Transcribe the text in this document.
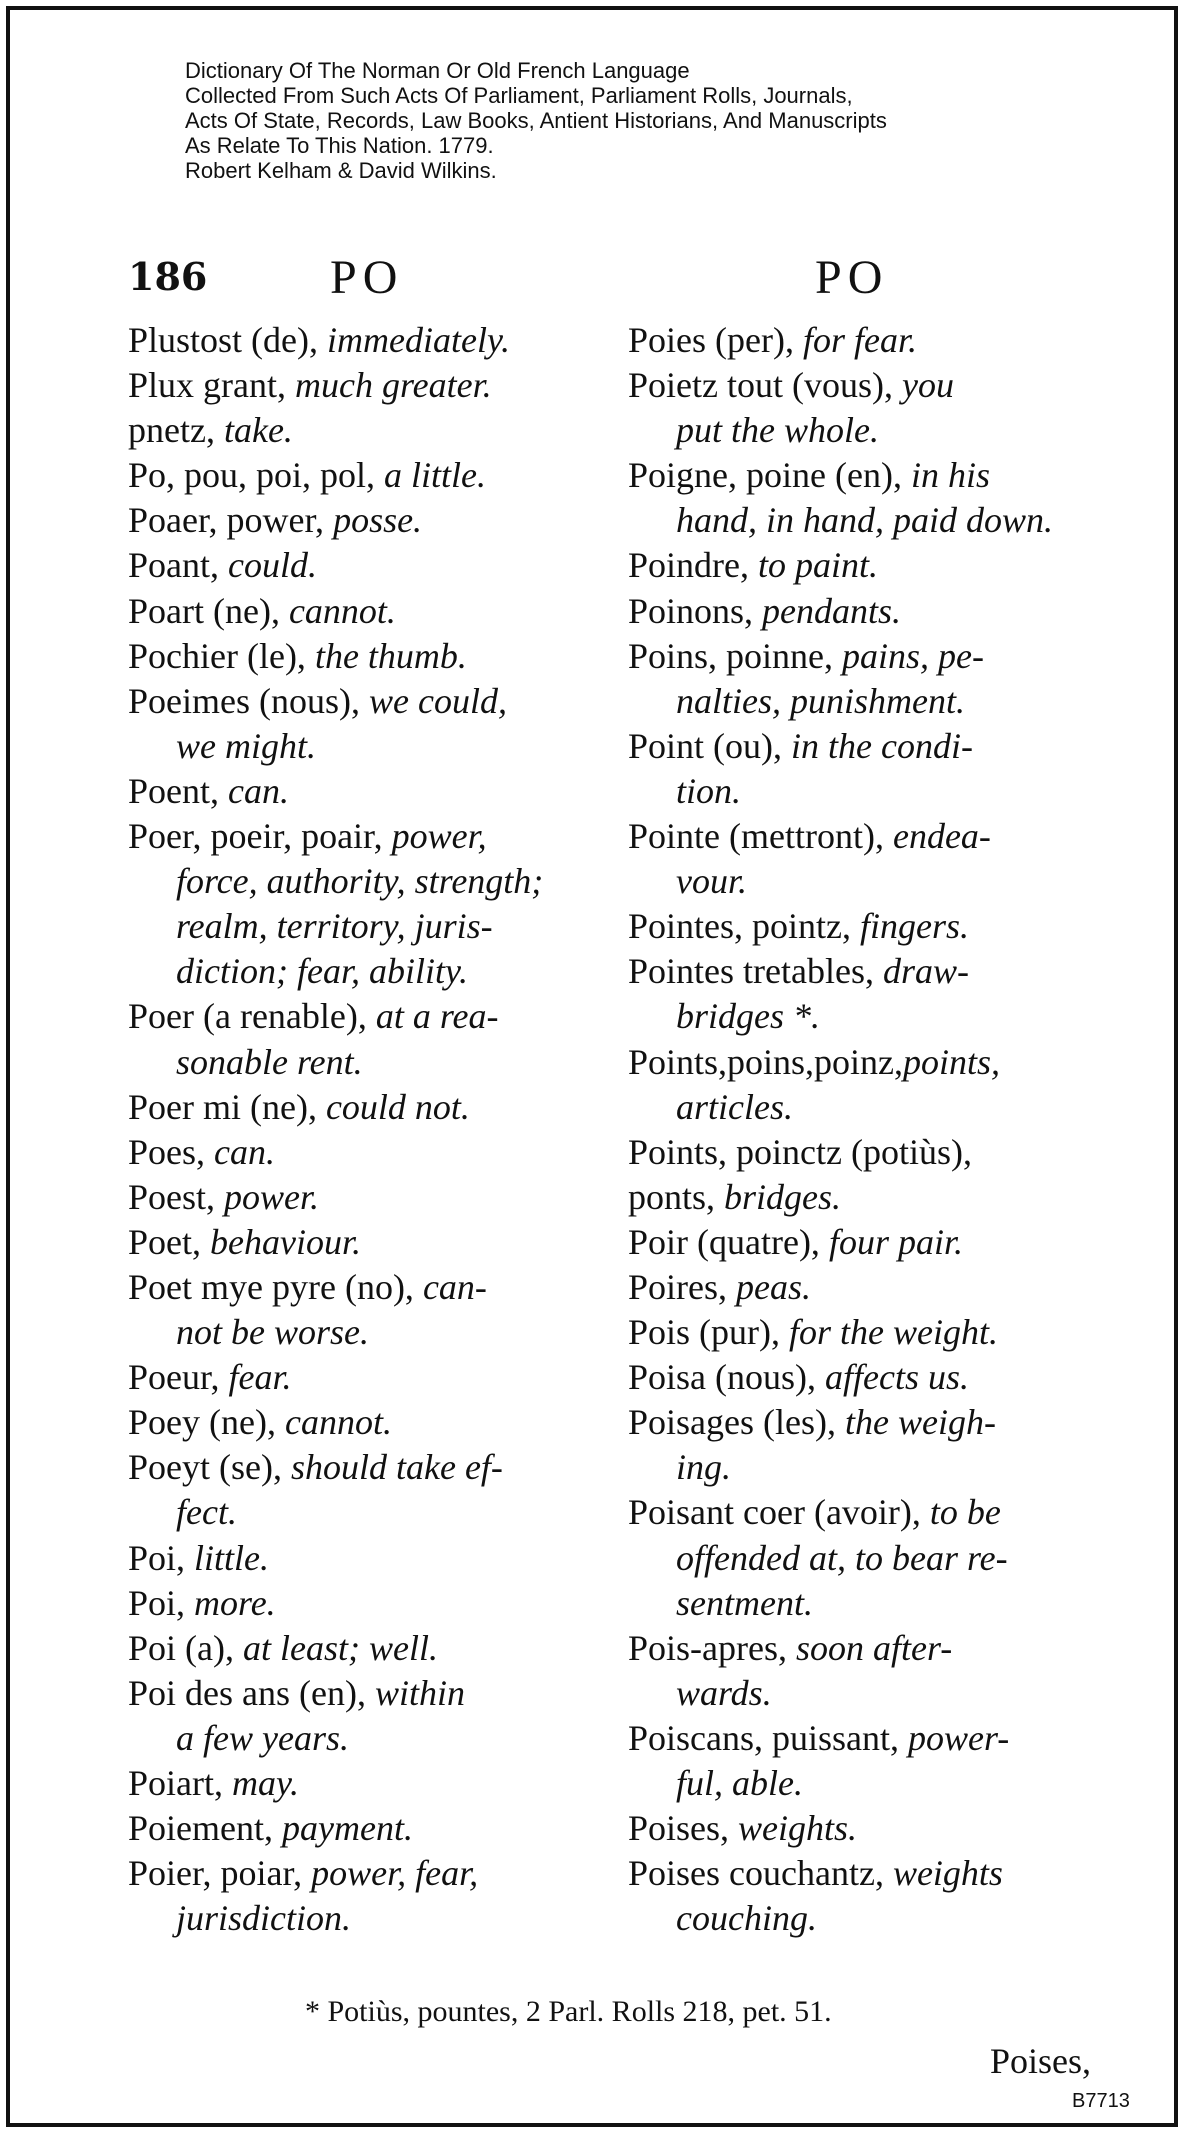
Dictionary Of The Norman Or Old French Language
Collected From Such Acts Of Parliament, Parliament Rolls, Journals,
Acts Of State, Records, Law Books, Antient Historians, And Manuscripts
As Relate To This Nation. 1779.
Robert Kelham & David Wilkins.
186	PO	PO
Plustost (de), immediately.
Plux grant, much greater.
pnetz, take.
Po, pou, poi, pol, a little.
Poaer, power, posse.
Poant, could.
Poart (ne), cannot.
Pochier (le), the thumb.
Poeimes (nous), we could,
we might.
Poent, can.
Poer, poeir, poair, power,
force, authority, strength;
realm, territory, juris-
diction; fear, ability.
Poer (a renable), at a rea-
sonable rent.
Poer mi (ne), could not.
Poes, can.
Poest, power.
Poet, behaviour.
Poet mye pyre (no), can-
not be worse.
Poeur, fear.
Poey (ne), cannot.
Poeyt (se), should take ef-
fect.
Poi, little.
Poi, more.
Poi (a), at least; well.
Poi des ans (en), within
a few years.
Poiart, may.
Poiement, payment.
Poier, poiar, power, fear,
jurisdiction.
Poies (per), for fear.
Poietz tout (vous), you
put the whole.
Poigne, poine (en), in his
hand, in hand, paid down.
Poindre, to paint.
Poinons, pendants.
Poins, poinne, pains, pe-
nalties, punishment.
Point (ou), in the condi-
tion.
Pointe (mettront), endea-
vour.
Pointes, pointz, fingers.
Pointes tretables, draw-
bridges *.
Points,poins,poinz,points,
articles.
Points, poinctz (potiùs),
ponts, bridges.
Poir (quatre), four pair.
Poires, peas.
Pois (pur), for the weight.
Poisa (nous), affects us.
Poisages (les), the weigh-
ing.
Poisant coer (avoir), to be
offended at, to bear re-
sentment.
Pois-apres, soon after-
wards.
Poiscans, puissant, power-
ful, able.
Poises, weights.
Poises couchantz, weights
couching.
* Potiùs, pountes, 2 Parl. Rolls 218, pet. 51.
Poises,
B7713
